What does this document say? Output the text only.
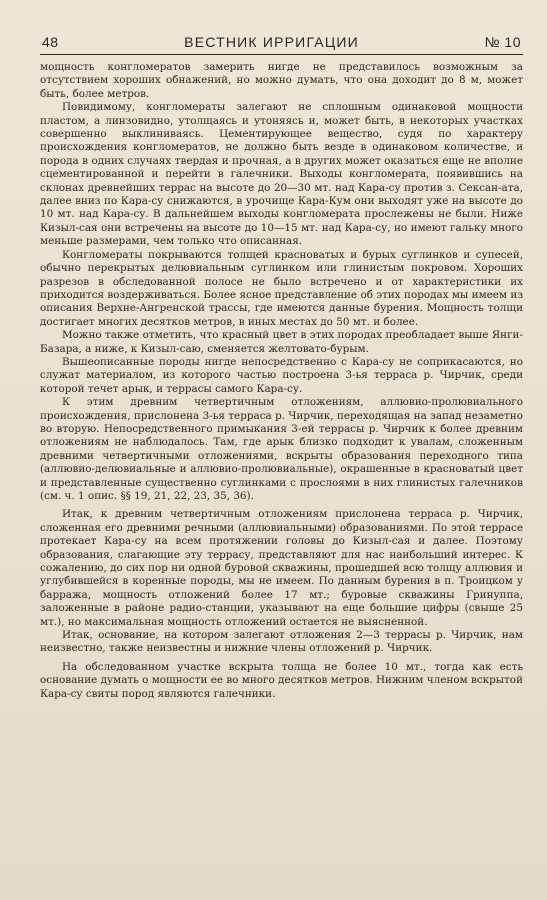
48	ВЕСТНИК ИРРИГАЦИИ	№ 10

мощность конгломератов замерить нигде не представилось возможным за отсутствием хороших обнажений, но можно думать, что она доходит до 8 м, может быть, более метров.

Повидимому, конгломераты залегают не сплошным одинаковой мощности пластом, а линзовидно, утолщаясь и утоняясь и, может быть, в некоторых участках совершенно выклиниваясь. Цементирующее вещество, судя по характеру происхождения конгломератов, не должно быть везде в одинаковом количестве, и порода в одних случаях твердая и прочная, а в других может оказаться еще не вполне сцементированной и перейти в галечники. Выходы конгломерата, появившись на склонах древнейших террас на высоте до 20—30 мт. над Кара-су против з. Сексан-ата, далее вниз по Кара-су снижаются, в урочище Кара-Кум они выходят уже на высоте до 10 мт. над Кара-су. В дальнейшем выходы конгломерата прослежены не были. Ниже Кизыл-сая они встречены на высоте до 10—15 мт. над Кара-су, но имеют гальку много меньше размерами, чем только что описанная.

Конгломераты покрываются толщей красноватых и бурых суглинков и супесей, обычно перекрытых делювиальным суглинком или глинистым покровом. Хороших разрезов в обследованной полосе не было встречено и от характеристики их приходится воздерживаться. Более ясное представление об этих породах мы имеем из описания Верхне-Ангренской трассы, где имеются данные бурения. Мощность толщи достигает многих десятков метров, в иных местах до 50 мт. и более.

Можно также отметить, что красный цвет в этих породах преобладает выше Янги-Базара, а ниже, к Кизыл-саю, сменяется желтовато-бурым.

Вышеописанные породы нигде непосредственно с Кара-су не соприкасаются, но служат материалом, из которого частью построена 3-ья терраса р. Чирчик, среди которой течет арык, и террасы самого Кара-су.

К этим древним четвертичным отложениям, аллювио-пролювиального происхождения, прислонена 3-ья терраса р. Чирчик, переходящая на запад незаметно во вторую. Непосредственного примыкания 3-ей террасы р. Чирчик к более древним отложениям не наблюдалось. Там, где арык близко подходит к увалам, сложенным древними четвертичными отложениями, вскрыты образования переходного типа (аллювио-делювиальные и аллювио-пролювиальные), окрашенные в красноватый цвет и представленные существенно суглинками с прослоями в них глинистых галечников (см. ч. 1 опис. §§ 19, 21, 22, 23, 35, 36).

Итак, к древним четвертичным отложениям прислонена терраса р. Чирчик, сложенная его древними речными (аллювиальными) образованиями. По этой террасе протекает Кара-су на всем протяжении головы до Кизыл-сая и далее. Поэтому образования, слагающие эту террасу, представляют для нас наибольший интерес. К сожалению, до сих пор ни одной буровой скважины, прошедшей всю толщу аллювия и углубившейся в коренные породы, мы не имеем. По данным бурения в п. Троицком у барража, мощность отложений более 17 мт.; буровые скважины Гринуппа, заложенные в районе радио-станции, указывают на еще большие цифры (свыше 25 мт.), но максимальная мощность отложений остается не выясненной.

Итак, основание, на котором залегают отложения 2—3 террасы р. Чирчик, нам неизвестно, также неизвестны и нижние члены отложений р. Чирчик.

На обследованном участке вскрыта толща не более 10 мт., тогда как есть основание думать о мощности ее во много десятков метров. Нижним членом вскрытой Кара-су свиты пород являются галечники.
